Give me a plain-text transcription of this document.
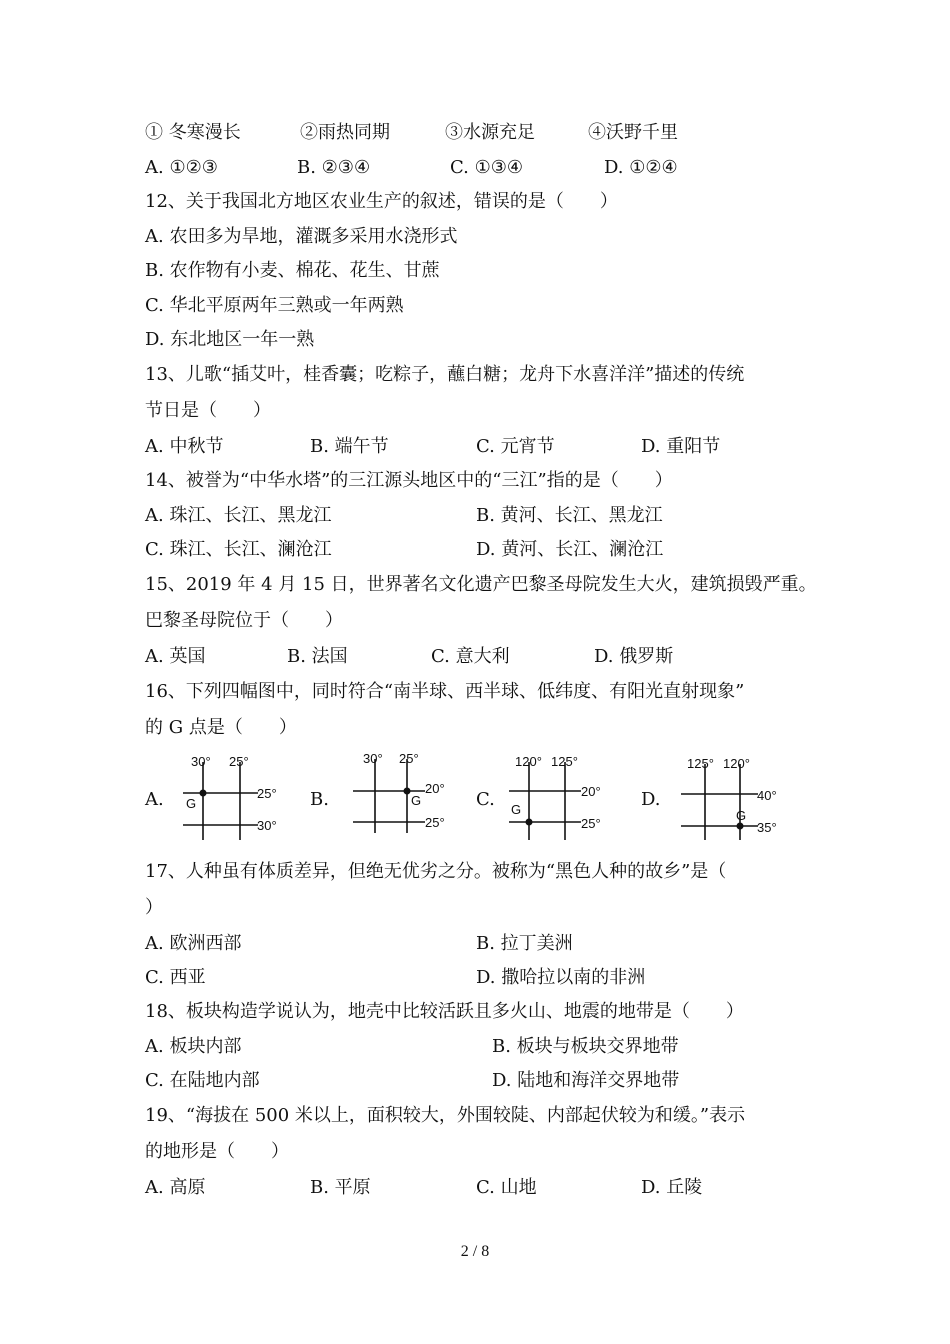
① 冬寒漫长	②雨热同期	③水源充足	④沃野千里
A. ①②③	B. ②③④	C. ①③④	D. ①②④
12、关于我国北方地区农业生产的叙述，错误的是（　　）
A. 农田多为旱地，灌溉多采用水浇形式
B. 农作物有小麦、棉花、花生、甘蔗
C. 华北平原两年三熟或一年两熟
D. 东北地区一年一熟
13、儿歌“插艾叶，桂香囊；吃粽子，蘸白糖；龙舟下水喜洋洋”描述的传统
节日是（　　）
A. 中秋节	B. 端午节	C. 元宵节	D. 重阳节
14、被誉为“中华水塔”的三江源头地区中的“三江”指的是（　　）
A. 珠江、长江、黑龙江	B. 黄河、长江、黑龙江
C. 珠江、长江、澜沧江	D. 黄河、长江、澜沧江
15、2019 年 4 月 15 日，世界著名文化遗产巴黎圣母院发生大火，建筑损毁严重。
巴黎圣母院位于（　　）
A. 英国	B. 法国	C. 意大利	D. 俄罗斯
16、下列四幅图中，同时符合“南半球、西半球、低纬度、有阳光直射现象”
的 G 点是（　　）
A.	B.	C.	D.
30° 25°
25°
30°
G
30° 25°
20°
25°
G
120° 125°
20°
25°
G
125° 120°
40°
35°
G
17、人种虽有体质差异，但绝无优劣之分。被称为“黑色人种的故乡”是（
）
A. 欧洲西部	B. 拉丁美洲
C. 西亚	D. 撒哈拉以南的非洲
18、板块构造学说认为，地壳中比较活跃且多火山、地震的地带是（　　）
A. 板块内部	B. 板块与板块交界地带
C. 在陆地内部	D. 陆地和海洋交界地带
19、“海拔在 500 米以上，面积较大，外围较陡、内部起伏较为和缓。”表示
的地形是（　　）
A. 高原	B. 平原	C. 山地	D. 丘陵
2 / 8
